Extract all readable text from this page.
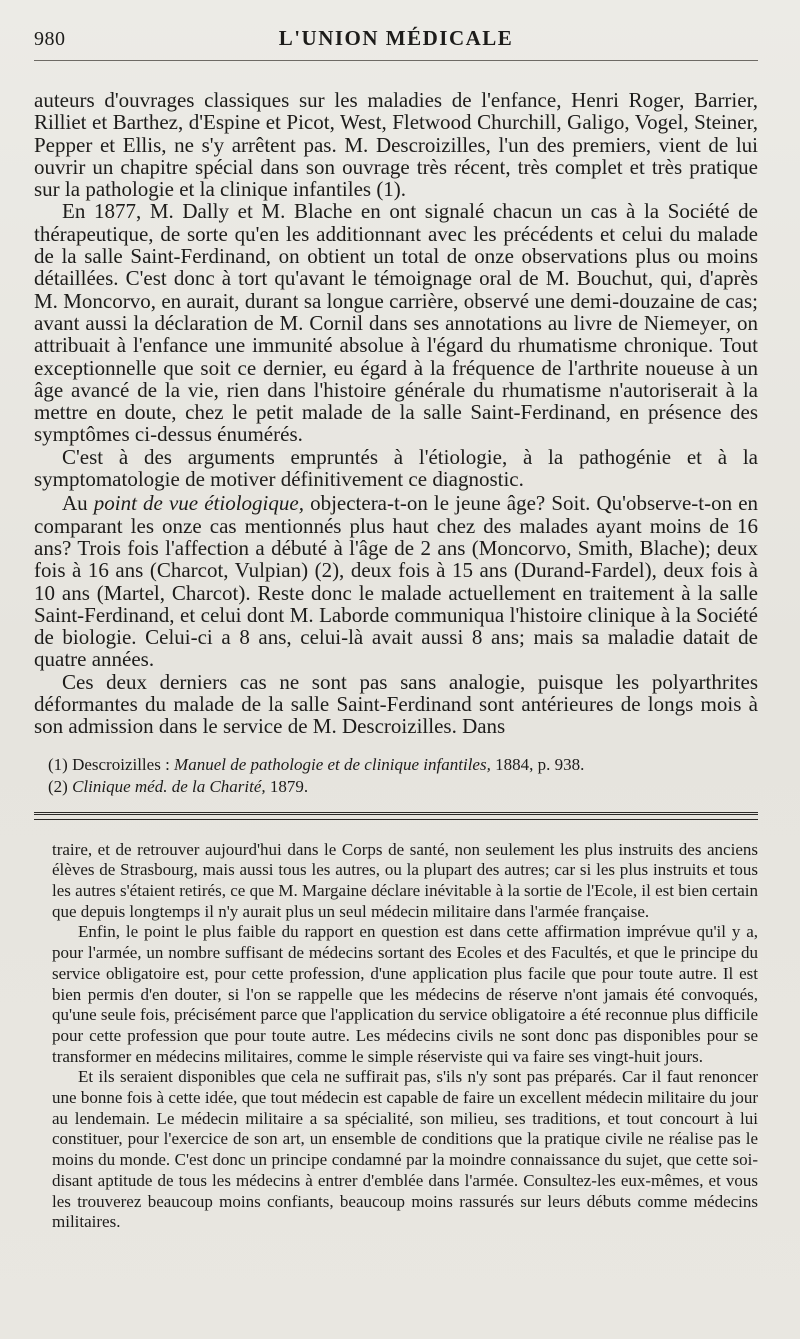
980	L'UNION MÉDICALE

auteurs d'ouvrages classiques sur les maladies de l'enfance, Henri Roger, Barrier, Rilliet et Barthez, d'Espine et Picot, West, Fletwood Churchill, Galigo, Vogel, Steiner, Pepper et Ellis, ne s'y arrêtent pas. M. Descroizilles, l'un des premiers, vient de lui ouvrir un chapitre spécial dans son ouvrage très récent, très complet et très pratique sur la pathologie et la clinique infantiles (1).

En 1877, M. Dally et M. Blache en ont signalé chacun un cas à la Société de thérapeutique, de sorte qu'en les additionnant avec les précédents et celui du malade de la salle Saint-Ferdinand, on obtient un total de onze observations plus ou moins détaillées. C'est donc à tort qu'avant le témoignage oral de M. Bouchut, qui, d'après M. Moncorvo, en aurait, durant sa longue carrière, observé une demi-douzaine de cas; avant aussi la déclaration de M. Cornil dans ses annotations au livre de Niemeyer, on attribuait à l'enfance une immunité absolue à l'égard du rhumatisme chronique. Tout exceptionnelle que soit ce dernier, eu égard à la fréquence de l'arthrite noueuse à un âge avancé de la vie, rien dans l'histoire générale du rhumatisme n'autoriserait à la mettre en doute, chez le petit malade de la salle Saint-Ferdinand, en présence des symptômes ci-dessus énumérés.

C'est à des arguments empruntés à l'étiologie, à la pathogénie et à la symptomatologie de motiver définitivement ce diagnostic.

Au point de vue étiologique, objectera-t-on le jeune âge? Soit. Qu'observe-t-on en comparant les onze cas mentionnés plus haut chez des malades ayant moins de 16 ans? Trois fois l'affection a débuté à l'âge de 2 ans (Moncorvo, Smith, Blache); deux fois à 16 ans (Charcot, Vulpian) (2), deux fois à 15 ans (Durand-Fardel), deux fois à 10 ans (Martel, Charcot). Reste donc le malade actuellement en traitement à la salle Saint-Ferdinand, et celui dont M. Laborde communiqua l'histoire clinique à la Société de biologie. Celui-ci a 8 ans, celui-là avait aussi 8 ans; mais sa maladie datait de quatre années.

Ces deux derniers cas ne sont pas sans analogie, puisque les polyarthrites déformantes du malade de la salle Saint-Ferdinand sont antérieures de longs mois à son admission dans le service de M. Descroizilles. Dans

(1) Descroizilles : Manuel de pathologie et de clinique infantiles, 1884, p. 938.

(2) Clinique méd. de la Charité, 1879.

traire, et de retrouver aujourd'hui dans le Corps de santé, non seulement les plus instruits des anciens élèves de Strasbourg, mais aussi tous les autres, ou la plupart des autres; car si les plus instruits et tous les autres s'étaient retirés, ce que M. Margaine déclare inévitable à la sortie de l'Ecole, il est bien certain que depuis longtemps il n'y aurait plus un seul médecin militaire dans l'armée française.

Enfin, le point le plus faible du rapport en question est dans cette affirmation imprévue qu'il y a, pour l'armée, un nombre suffisant de médecins sortant des Ecoles et des Facultés, et que le principe du service obligatoire est, pour cette profession, d'une application plus facile que pour toute autre. Il est bien permis d'en douter, si l'on se rappelle que les médecins de réserve n'ont jamais été convoqués, qu'une seule fois, précisément parce que l'application du service obligatoire a été reconnue plus difficile pour cette profession que pour toute autre. Les médecins civils ne sont donc pas disponibles pour se transformer en médecins militaires, comme le simple réserviste qui va faire ses vingt-huit jours.

Et ils seraient disponibles que cela ne suffirait pas, s'ils n'y sont pas préparés. Car il faut renoncer une bonne fois à cette idée, que tout médecin est capable de faire un excellent médecin militaire du jour au lendemain. Le médecin militaire a sa spécialité, son milieu, ses traditions, et tout concourt à lui constituer, pour l'exercice de son art, un ensemble de conditions que la pratique civile ne réalise pas le moins du monde. C'est donc un principe condamné par la moindre connaissance du sujet, que cette soi-disant aptitude de tous les médecins à entrer d'emblée dans l'armée. Consultez-les eux-mêmes, et vous les trouverez beaucoup moins confiants, beaucoup moins rassurés sur leurs débuts comme médecins militaires.
